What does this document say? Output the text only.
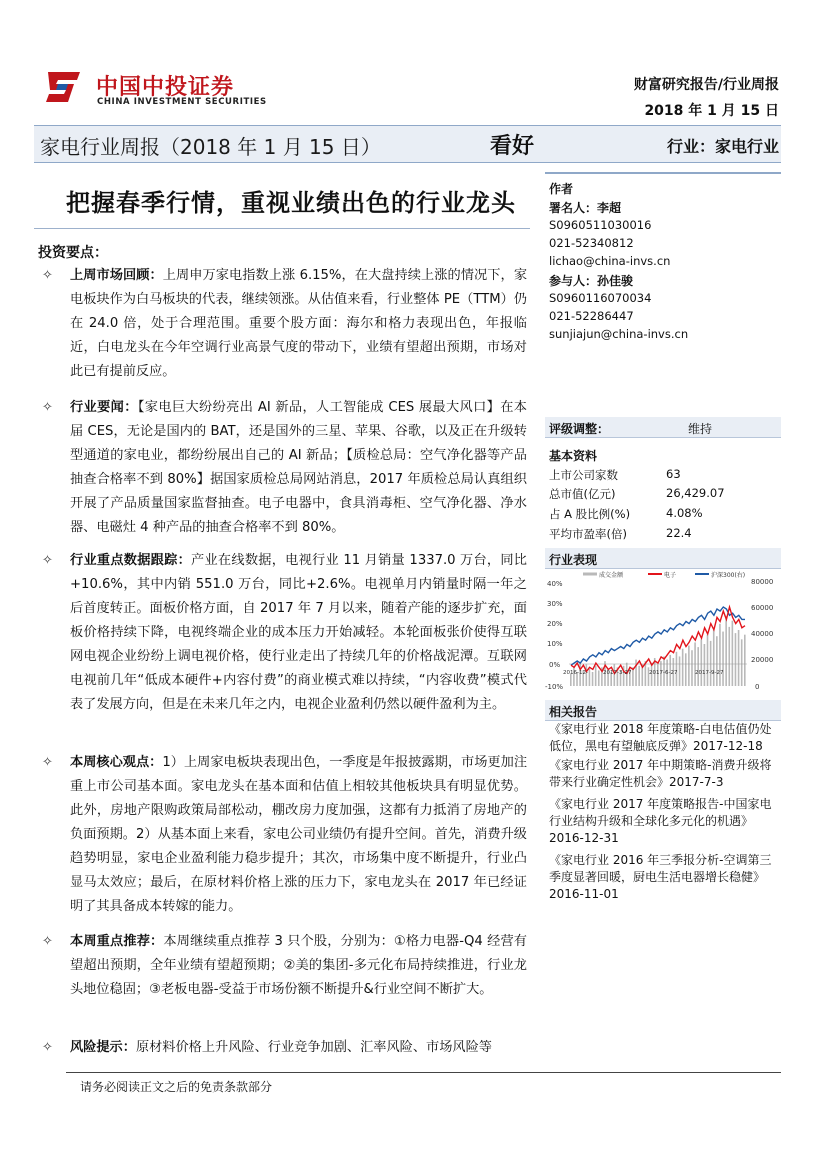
中国中投证券
CHINA INVESTMENT SECURITIES
财富研究报告/行业周报
2018 年 1 月 15 日
家电行业周报（2018 年 1 月 15 日）	看好	行业：家电行业
把握春季行情，重视业绩出色的行业龙头
投资要点：
✧ 上周市场回顾：上周申万家电指数上涨 6.15%，在大盘持续上涨的情况下，家电板块作为白马板块的代表，继续领涨。从估值来看，行业整体 PE（TTM）仍在 24.0 倍，处于合理范围。重要个股方面：海尔和格力表现出色，年报临近，白电龙头在今年空调行业高景气度的带动下，业绩有望超出预期，市场对此已有提前反应。
✧ 行业要闻：【家电巨大纷纷亮出 AI 新品，人工智能成 CES 展最大风口】在本届 CES，无论是国内的 BAT，还是国外的三星、苹果、谷歌，以及正在升级转型通道的家电业，都纷纷展出自己的 AI 新品；【质检总局：空气净化器等产品抽查合格率不到 80%】据国家质检总局网站消息，2017 年质检总局认真组织开展了产品质量国家监督抽查。电子电器中，食具消毒柜、空气净化器、净水器、电磁灶 4 种产品的抽查合格率不到 80%。
✧ 行业重点数据跟踪：产业在线数据，电视行业 11 月销量 1337.0 万台，同比+10.6%，其中内销 551.0 万台，同比+2.6%。电视单月内销量时隔一年之后首度转正。面板价格方面，自 2017 年 7 月以来，随着产能的逐步扩充，面板价格持续下降，电视终端企业的成本压力开始减轻。本轮面板张价使得互联网电视企业纷纷上调电视价格，使行业走出了持续几年的价格战泥潭。互联网电视前几年“低成本硬件+内容付费”的商业模式难以持续，“内容收费”模式代表了发展方向，但是在未来几年之内，电视企业盈利仍然以硬件盈利为主。
✧ 本周核心观点：1）上周家电板块表现出色，一季度是年报披露期，市场更加注重上市公司基本面。家电龙头在基本面和估值上相较其他板块具有明显优势。此外，房地产限购政策局部松动，棚改房力度加强，这都有力抵消了房地产的负面预期。2）从基本面上来看，家电公司业绩仍有提升空间。首先，消费升级趋势明显，家电企业盈利能力稳步提升；其次，市场集中度不断提升，行业凸显马太效应；最后，在原材料价格上涨的压力下，家电龙头在 2017 年已经证明了其具备成本转嫁的能力。
✧ 本周重点推荐：本周继续重点推荐 3 只个股，分别为：①格力电器-Q4 经营有望超出预期，全年业绩有望超预期；②美的集团-多元化布局持续推进，行业龙头地位稳固；③老板电器-受益于市场份额不断提升&行业空间不断扩大。
✧ 风险提示：原材料价格上升风险、行业竞争加剧、汇率风险、市场风险等
作者
署名人：李超
S0960511030016
021-52340812
lichao@china-invs.cn
参与人：孙佳骏
S0960116070034
021-52286447
sunjiajun@china-invs.cn
评级调整：	维持
基本资料
上市公司家数	63
总市值(亿元)	26,429.07
占 A 股比例(%)	4.08%
平均市盈率(倍)	22.4
行业表现
40%
30%
20%
10%
0%
-10%
80000
60000
40000
20000
0
成交金额	电子	沪深300(右)
2016-12-	2017-3-27	2017-6-27	2017-9-27
相关报告
《家电行业 2018 年度策略-白电估值仍处低位，黑电有望触底反弹》2017-12-18
《家电行业 2017 年中期策略-消费升级将带来行业确定性机会》2017-7-3
《家电行业 2017 年度策略报告-中国家电行业结构升级和全球化多元化的机遇》2016-12-31
《家电行业 2016 年三季报分析-空调第三季度显著回暖，厨电生活电器增长稳健》2016-11-01
请务必阅读正文之后的免责条款部分
